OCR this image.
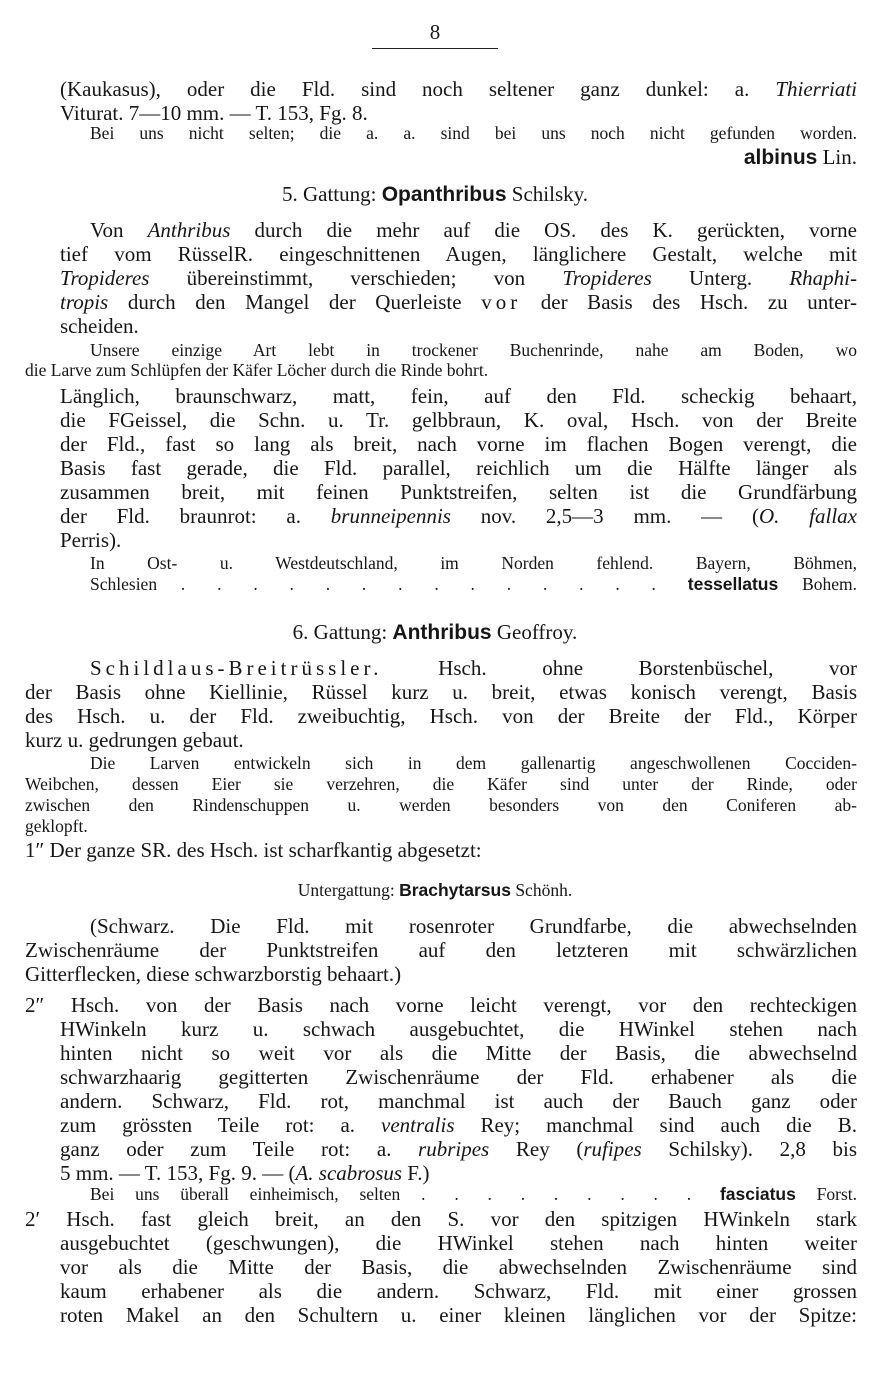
8
(Kaukasus), oder die Fld. sind noch seltener ganz dunkel: a. Thierriati
Viturat. 7—10 mm. — T. 153, Fg. 8.
Bei uns nicht selten; die a. a. sind bei uns noch nicht gefunden worden.
albinus Lin.
5. Gattung: Opanthribus Schilsky.
Von Anthribus durch die mehr auf die OS. des K. gerückten, vorne
tief vom RüsselR. eingeschnittenen Augen, länglichere Gestalt, welche mit
Tropideres übereinstimmt, verschieden; von Tropideres Unterg. Rhaphi-
tropis durch den Mangel der Querleiste vor der Basis des Hsch. zu unter-
scheiden.
Unsere einzige Art lebt in trockener Buchenrinde, nahe am Boden, wo
die Larve zum Schlüpfen der Käfer Löcher durch die Rinde bohrt.
Länglich, braunschwarz, matt, fein, auf den Fld. scheckig behaart,
die FGeissel, die Schn. u. Tr. gelbbraun, K. oval, Hsch. von der Breite
der Fld., fast so lang als breit, nach vorne im flachen Bogen verengt, die
Basis fast gerade, die Fld. parallel, reichlich um die Hälfte länger als
zusammen breit, mit feinen Punktstreifen, selten ist die Grundfärbung
der Fld. braunrot: a. brunneipennis nov. 2,5—3 mm. — (O. fallax
Perris).
In Ost- u. Westdeutschland, im Norden fehlend. Bayern, Böhmen,
Schlesien . . . . . . . . . . . . . . tessellatus Bohem.
6. Gattung: Anthribus Geoffroy.
Schildlaus-Breitrüssler. Hsch. ohne Borstenbüschel, vor
der Basis ohne Kiellinie, Rüssel kurz u. breit, etwas konisch verengt, Basis
des Hsch. u. der Fld. zweibuchtig, Hsch. von der Breite der Fld., Körper
kurz u. gedrungen gebaut.
Die Larven entwickeln sich in dem gallenartig angeschwollenen Cocciden-
Weibchen, dessen Eier sie verzehren, die Käfer sind unter der Rinde, oder
zwischen den Rindenschuppen u. werden besonders von den Coniferen ab-
geklopft.
1″ Der ganze SR. des Hsch. ist scharfkantig abgesetzt:
Untergattung: Brachytarsus Schönh.
(Schwarz. Die Fld. mit rosenroter Grundfarbe, die abwechselnden
Zwischenräume der Punktstreifen auf den letzteren mit schwärzlichen
Gitterflecken, diese schwarzborstig behaart.)
2″ Hsch. von der Basis nach vorne leicht verengt, vor den rechteckigen
HWinkeln kurz u. schwach ausgebuchtet, die HWinkel stehen nach
hinten nicht so weit vor als die Mitte der Basis, die abwechselnd
schwarzhaarig gegitterten Zwischenräume der Fld. erhabener als die
andern. Schwarz, Fld. rot, manchmal ist auch der Bauch ganz oder
zum grössten Teile rot: a. ventralis Rey; manchmal sind auch die B.
ganz oder zum Teile rot: a. rubripes Rey (rufipes Schilsky). 2,8 bis
5 mm. — T. 153, Fg. 9. — (A. scabrosus F.)
Bei uns überall einheimisch, selten . . . . . . . . . fasciatus Forst.
2′ Hsch. fast gleich breit, an den S. vor den spitzigen HWinkeln stark
ausgebuchtet (geschwungen), die HWinkel stehen nach hinten weiter
vor als die Mitte der Basis, die abwechselnden Zwischenräume sind
kaum erhabener als die andern. Schwarz, Fld. mit einer grossen
roten Makel an den Schultern u. einer kleinen länglichen vor der Spitze:
